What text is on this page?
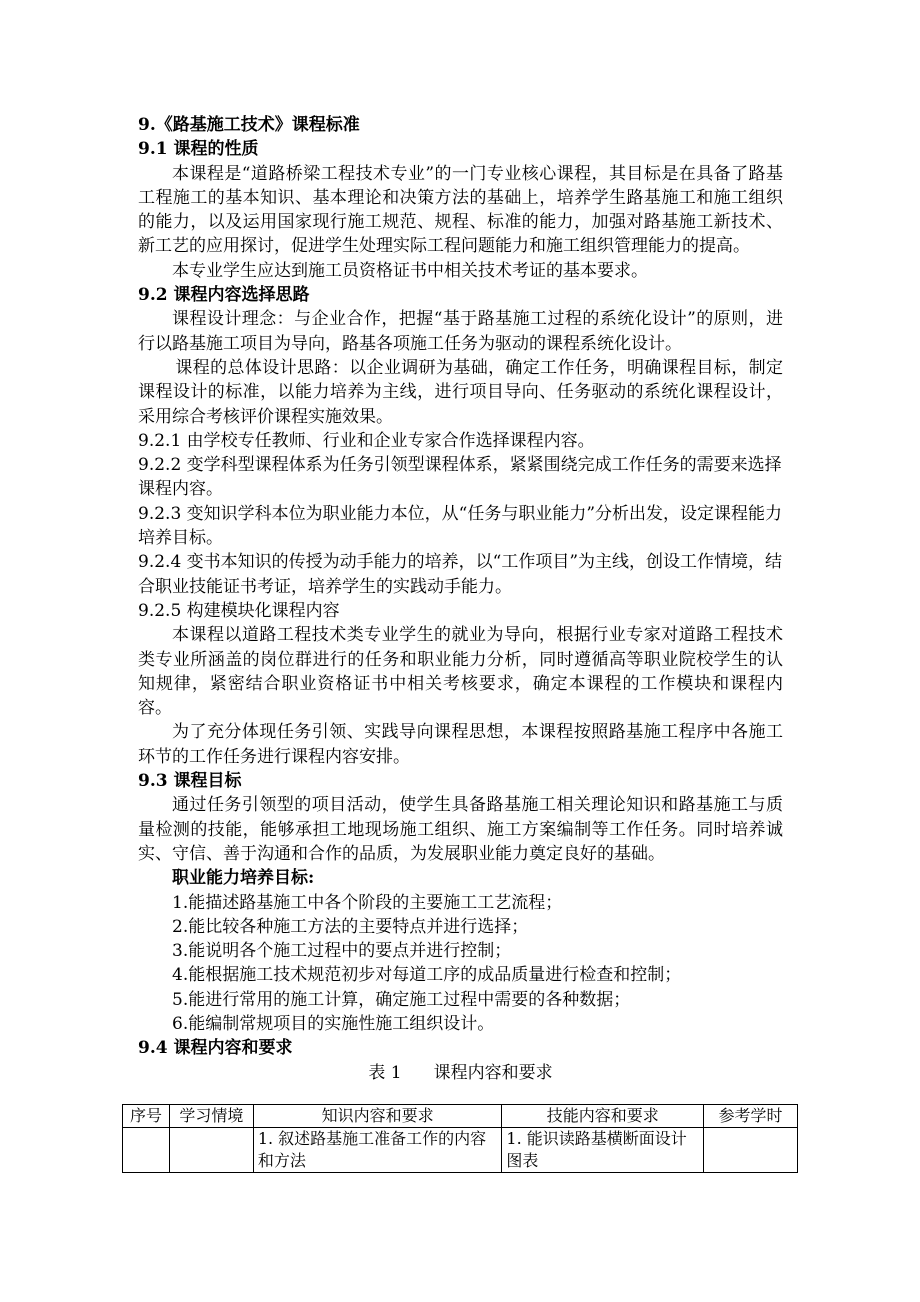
9.《路基施工技术》课程标准
9.1 课程的性质
本课程是“道路桥梁工程技术专业”的一门专业核心课程，其目标是在具备了路基工程施工的基本知识、基本理论和决策方法的基础上，培养学生路基施工和施工组织的能力，以及运用国家现行施工规范、规程、标准的能力，加强对路基施工新技术、新工艺的应用探讨，促进学生处理实际工程问题能力和施工组织管理能力的提高。
本专业学生应达到施工员资格证书中相关技术考证的基本要求。
9.2 课程内容选择思路
课程设计理念：与企业合作，把握“基于路基施工过程的系统化设计”的原则，进行以路基施工项目为导向，路基各项施工任务为驱动的课程系统化设计。
课程的总体设计思路：以企业调研为基础，确定工作任务，明确课程目标，制定课程设计的标准，以能力培养为主线，进行项目导向、任务驱动的系统化课程设计，采用综合考核评价课程实施效果。
9.2.1 由学校专任教师、行业和企业专家合作选择课程内容。
9.2.2 变学科型课程体系为任务引领型课程体系，紧紧围绕完成工作任务的需要来选择课程内容。
9.2.3 变知识学科本位为职业能力本位，从“任务与职业能力”分析出发，设定课程能力培养目标。
9.2.4 变书本知识的传授为动手能力的培养，以“工作项目”为主线，创设工作情境，结合职业技能证书考证，培养学生的实践动手能力。
9.2.5 构建模块化课程内容
本课程以道路工程技术类专业学生的就业为导向，根据行业专家对道路工程技术类专业所涵盖的岗位群进行的任务和职业能力分析，同时遵循高等职业院校学生的认知规律，紧密结合职业资格证书中相关考核要求，确定本课程的工作模块和课程内容。
为了充分体现任务引领、实践导向课程思想，本课程按照路基施工程序中各施工环节的工作任务进行课程内容安排。
9.3 课程目标
通过任务引领型的项目活动，使学生具备路基施工相关理论知识和路基施工与质量检测的技能，能够承担工地现场施工组织、施工方案编制等工作任务。同时培养诚实、守信、善于沟通和合作的品质，为发展职业能力奠定良好的基础。
职业能力培养目标:
1.能描述路基施工中各个阶段的主要施工工艺流程；
2.能比较各种施工方法的主要特点并进行选择；
3.能说明各个施工过程中的要点并进行控制；
4.能根据施工技术规范初步对每道工序的成品质量进行检查和控制；
5.能进行常用的施工计算，确定施工过程中需要的各种数据；
6.能编制常规项目的实施性施工组织设计。
9.4 课程内容和要求
表 1 课程内容和要求
序号	学习情境	知识内容和要求	技能内容和要求	参考学时
		1. 叙述路基施工准备工作的内容和方法	1. 能识读路基横断面设计图表	
